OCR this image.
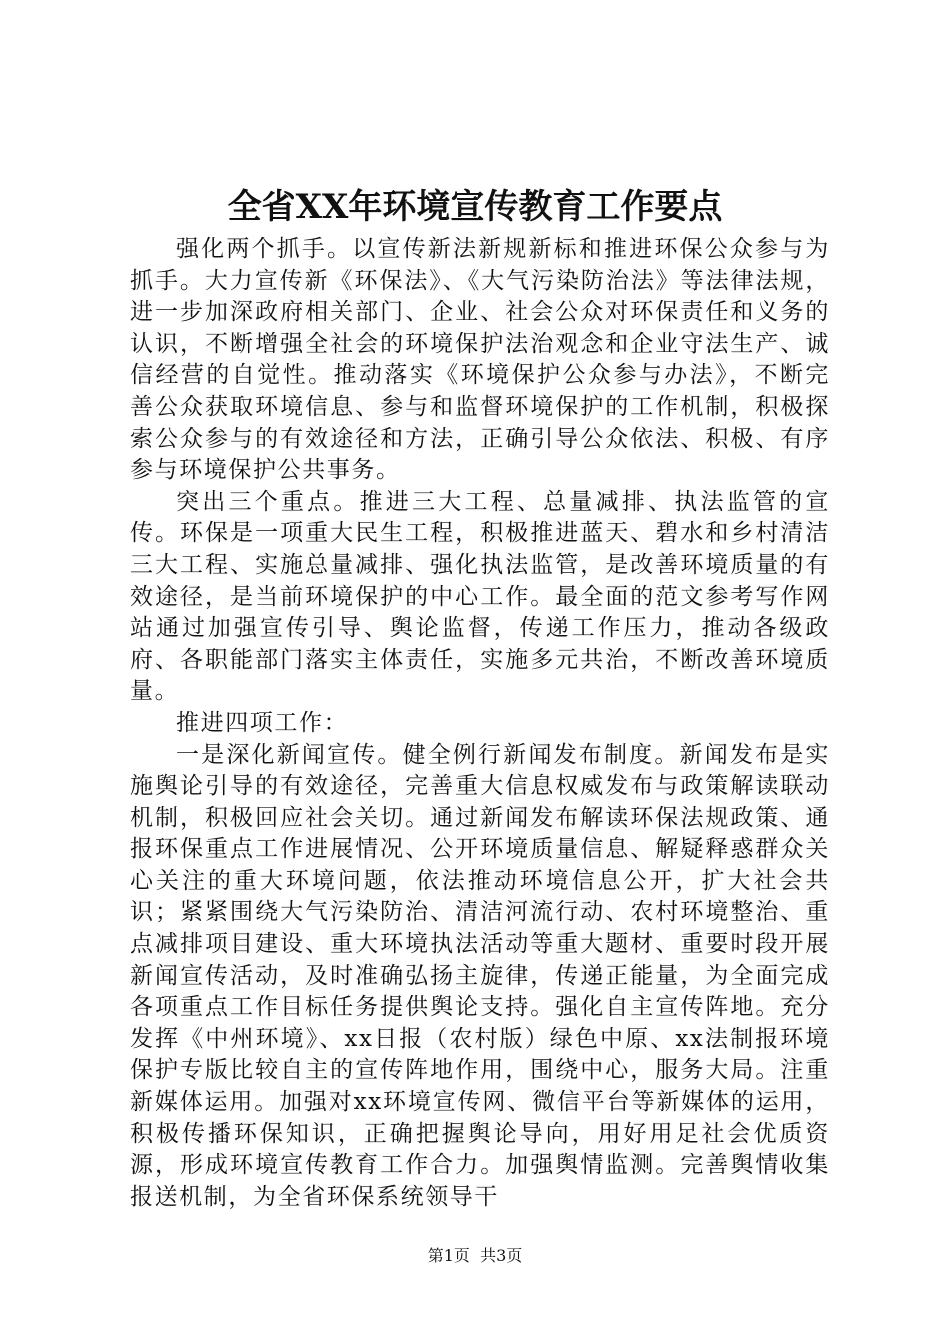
全省XX年环境宣传教育工作要点

强化两个抓手。以宣传新法新规新标和推进环保公众参与为抓手。大力宣传新《环保法》、《大气污染防治法》等法律法规，进一步加深政府相关部门、企业、社会公众对环保责任和义务的认识，不断增强全社会的环境保护法治观念和企业守法生产、诚信经营的自觉性。推动落实《环境保护公众参与办法》，不断完善公众获取环境信息、参与和监督环境保护的工作机制，积极探索公众参与的有效途径和方法，正确引导公众依法、积极、有序参与环境保护公共事务。

突出三个重点。推进三大工程、总量减排、执法监管的宣传。环保是一项重大民生工程，积极推进蓝天、碧水和乡村清洁三大工程、实施总量减排、强化执法监管，是改善环境质量的有效途径，是当前环境保护的中心工作。最全面的范文参考写作网站通过加强宣传引导、舆论监督，传递工作压力，推动各级政府、各职能部门落实主体责任，实施多元共治，不断改善环境质量。

推进四项工作：

一是深化新闻宣传。健全例行新闻发布制度。新闻发布是实施舆论引导的有效途径，完善重大信息权威发布与政策解读联动机制，积极回应社会关切。通过新闻发布解读环保法规政策、通报环保重点工作进展情况、公开环境质量信息、解疑释惑群众关心关注的重大环境问题，依法推动环境信息公开，扩大社会共识；紧紧围绕大气污染防治、清洁河流行动、农村环境整治、重点减排项目建设、重大环境执法活动等重大题材、重要时段开展新闻宣传活动，及时准确弘扬主旋律，传递正能量，为全面完成各项重点工作目标任务提供舆论支持。强化自主宣传阵地。充分发挥《中州环境》、xx日报（农村版）绿色中原、xx法制报环境保护专版比较自主的宣传阵地作用，围绕中心，服务大局。注重新媒体运用。加强对xx环境宣传网、微信平台等新媒体的运用，积极传播环保知识，正确把握舆论导向，用好用足社会优质资源，形成环境宣传教育工作合力。加强舆情监测。完善舆情收集报送机制，为全省环保系统领导干

第1页  共3页
